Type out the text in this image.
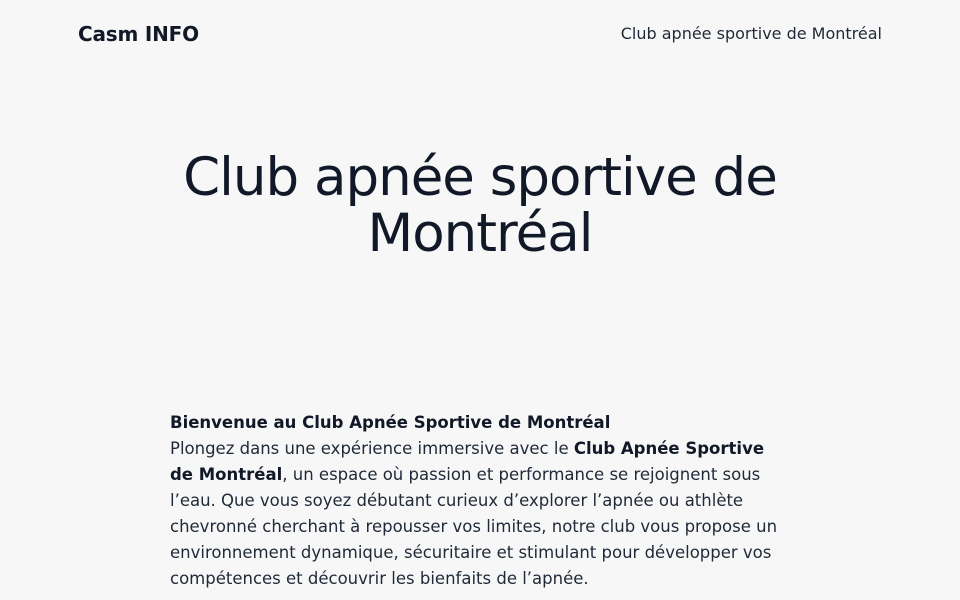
Casm INFO	Club apnée sportive de Montréal
Club apnée sportive de Montréal

Bienvenue au Club Apnée Sportive de Montréal
Plongez dans une expérience immersive avec le Club Apnée Sportive de Montréal, un espace où passion et performance se rejoignent sous l’eau. Que vous soyez débutant curieux d’explorer l’apnée ou athlète chevronné cherchant à repousser vos limites, notre club vous propose un environnement dynamique, sécuritaire et stimulant pour développer vos compétences et découvrir les bienfaits de l’apnée.
